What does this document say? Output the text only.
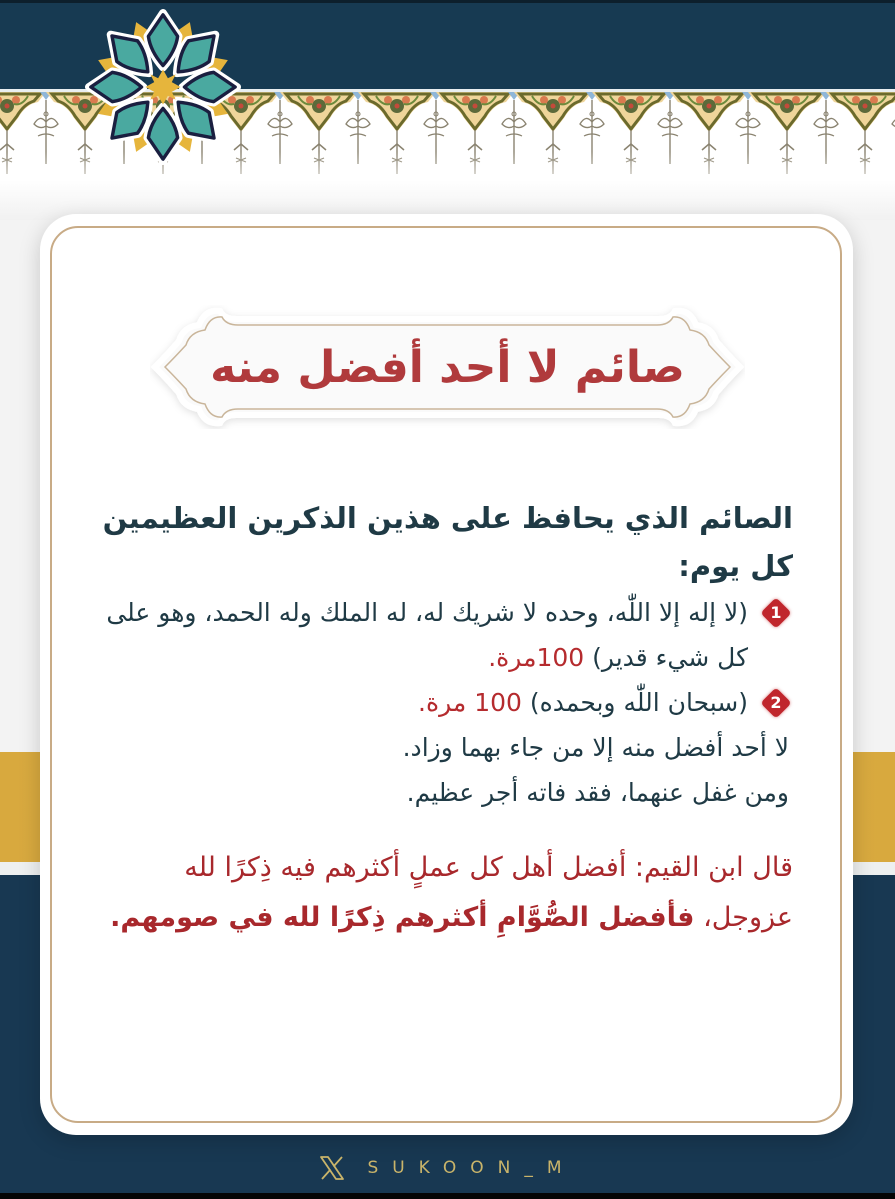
صائم لا أحد أفضل منه

الصائم الذي يحافظ على هذين الذكرين العظيمين كل يوم:

1
(لا إله إلا اللّٰه، وحده لا شريك له، له الملك وله الحمد، وهو على كل شيء قدير) 100مرة.

2
(سبحان اللّٰه وبحمده) 100 مرة.

لا أحد أفضل منه إلا من جاء بهما وزاد.

ومن غفل عنهما، فقد فاته أجر عظيم.

قال ابن القيم: أفضل أهل كل عملٍ أكثرهم فيه ذِكرًا لله عزوجل، فأفضل الصُّوَّامِ أكثرهم ذِكرًا لله في صومهم.

SUKOON_M
